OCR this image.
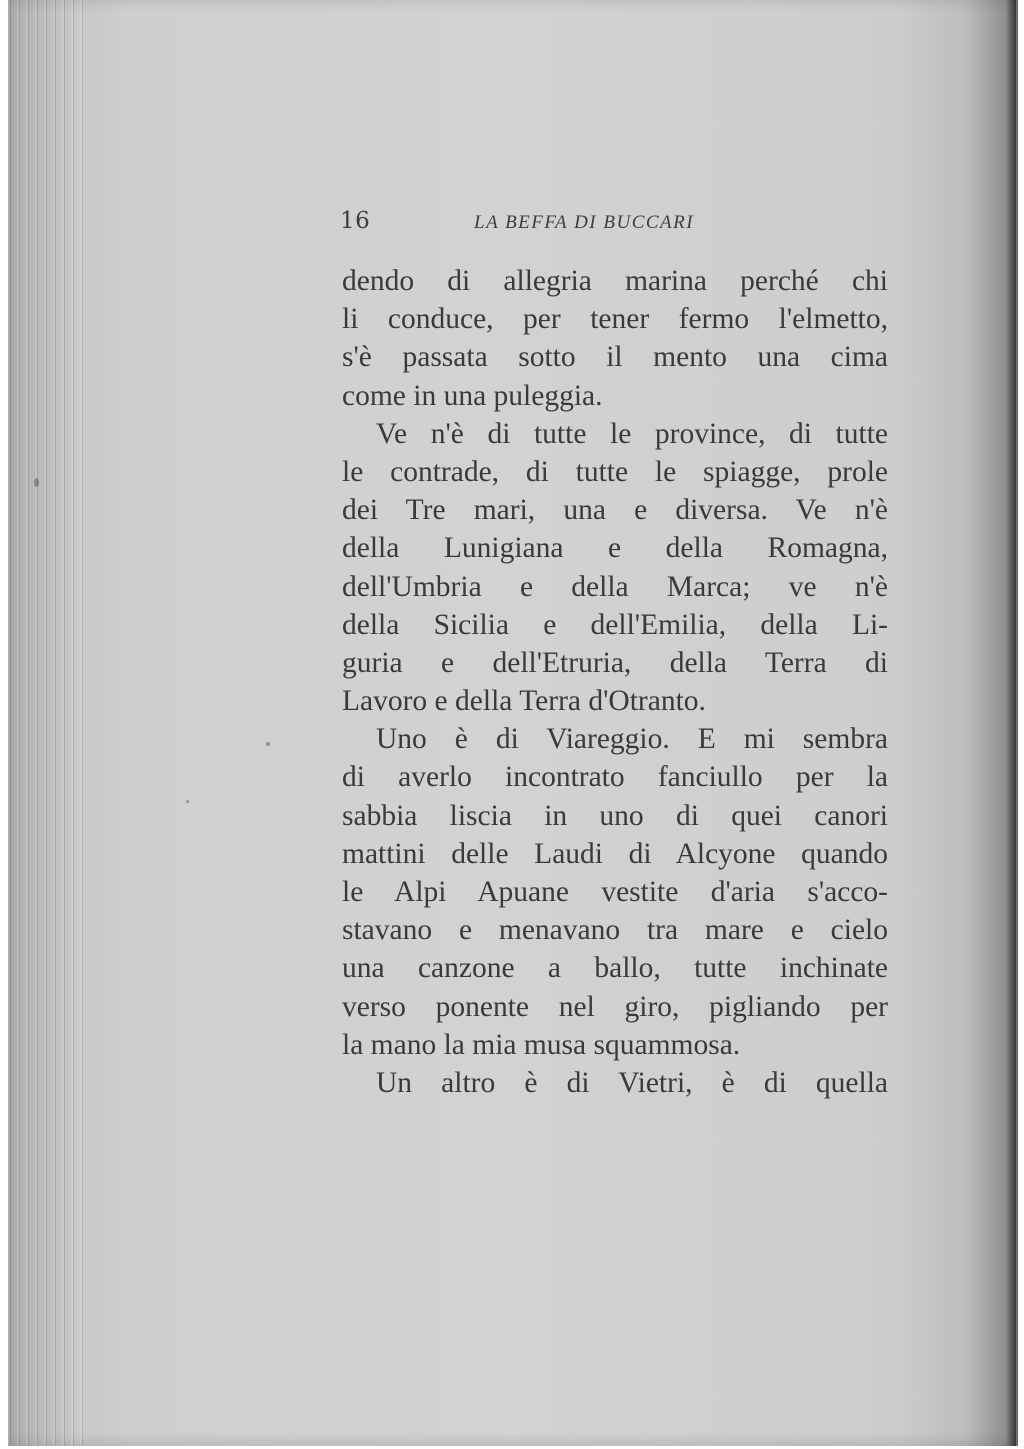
16	LA BEFFA DI BUCCARI
dendo di allegria marina perché chi
li conduce, per tener fermo l'elmetto,
s'è passata sotto il mento una cima
come in una puleggia.
Ve n'è di tutte le province, di tutte
le contrade, di tutte le spiagge, prole
dei Tre mari, una e diversa. Ve n'è
della Lunigiana e della Romagna,
dell'Umbria e della Marca; ve n'è
della Sicilia e dell'Emilia, della Li-
guria e dell'Etruria, della Terra di
Lavoro e della Terra d'Otranto.
Uno è di Viareggio. E mi sembra
di averlo incontrato fanciullo per la
sabbia liscia in uno di quei canori
mattini delle Laudi di Alcyone quando
le Alpi Apuane vestite d'aria s'acco-
stavano e menavano tra mare e cielo
una canzone a ballo, tutte inchinate
verso ponente nel giro, pigliando per
la mano la mia musa squammosa.
Un altro è di Vietri, è di quella
